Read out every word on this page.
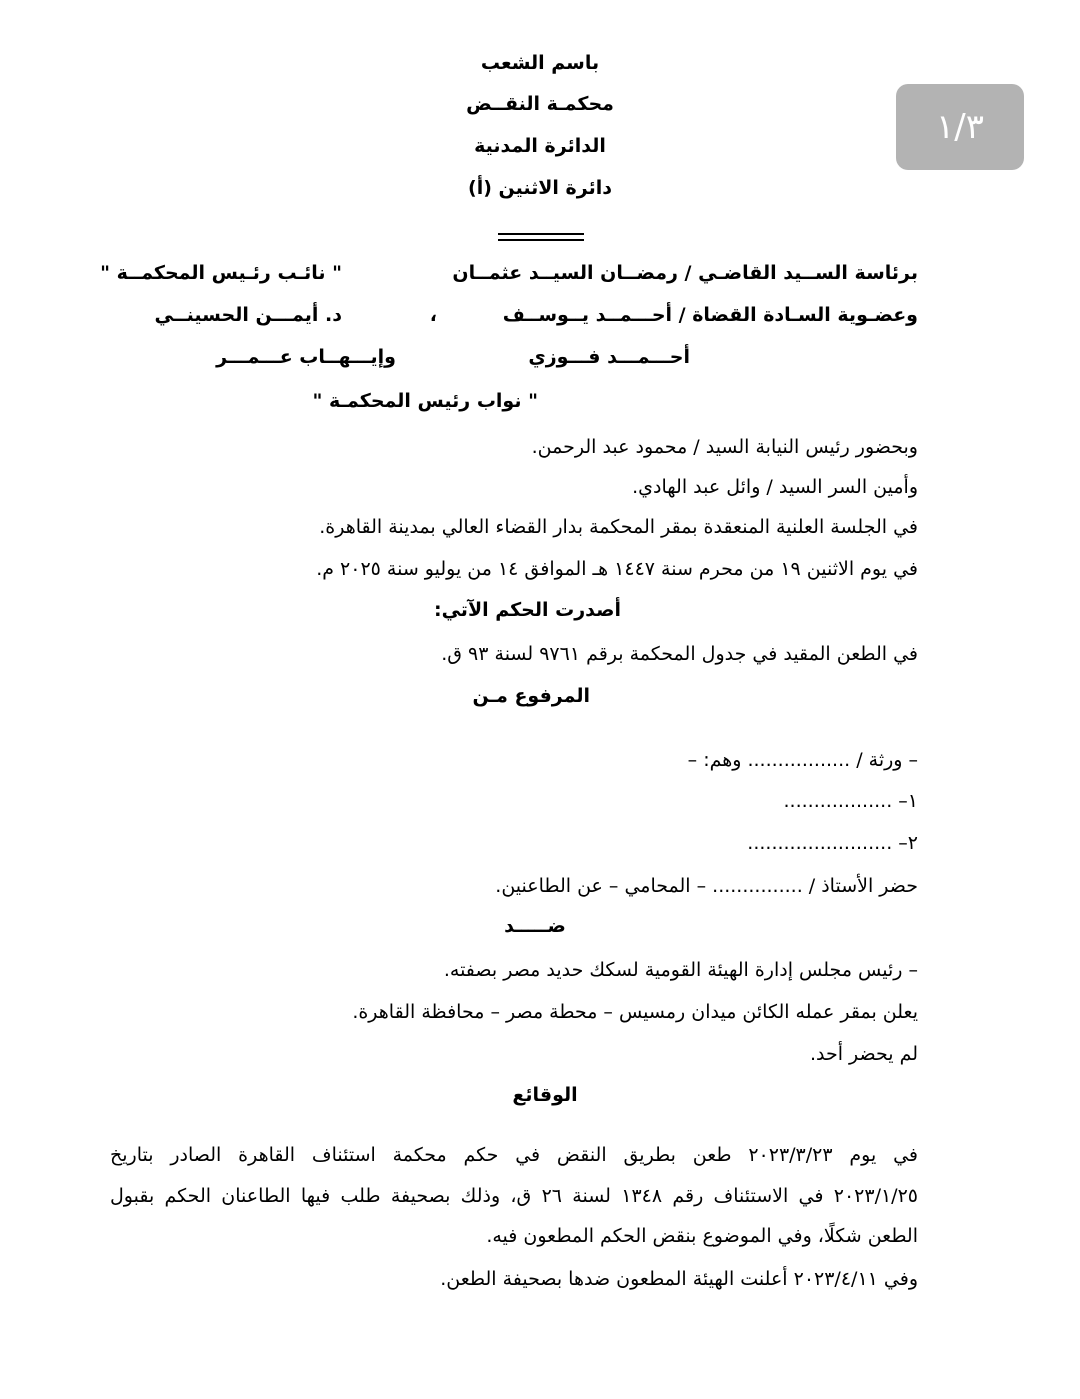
١/٣
باسم الشعب
محكمـة النقــض
الدائرة المدنية
دائرة الاثنين (أ)
برئاسة الســيد القاضـي / رمضــان السيــد عثمــان
" نائـب رئـيس المحكمــة "
وعضـوية السـادة القضاة / أحـــمــد يــوســف
،
د. أيمـــن الحسينــي
أحـــمـــد فـــوزي
وإيـــهــاب عـــمـــر
" نواب رئيس المحكمـة "
وبحضور رئيس النيابة السيد / محمود عبد الرحمن.
وأمين السر السيد / وائل عبد الهادي.
في الجلسة العلنية المنعقدة بمقر المحكمة بدار القضاء العالي بمدينة القاهرة.
في يوم الاثنين ١٩ من محرم سنة ١٤٤٧ هـ الموافق ١٤ من يوليو سنة ٢٠٢٥ م.
أصدرت الحكم الآتي:
في الطعن المقيد في جدول المحكمة برقم ٩٧٦١ لسنة ٩٣ ق.
المرفوع مـن
– ورثة / ................. وهم: –
١– ..................
٢– ........................
حضر الأستاذ / ............... – المحامي – عن الطاعنين.
ضـــــد
– رئيس مجلس إدارة الهيئة القومية لسكك حديد مصر بصفته.
يعلن بمقر عمله الكائن ميدان رمسيس – محطة مصر – محافظة القاهرة.
لم يحضر أحد.
الوقائع
في يوم ٢٠٢٣/٣/٢٣ طعن بطريق النقض في حكم محكمة استئناف القاهرة الصادر بتاريخ
٢٠٢٣/١/٢٥ في الاستئناف رقم ١٣٤٨ لسنة ٢٦ ق، وذلك بصحيفة طلب فيها الطاعنان الحكم بقبول
الطعن شكلًا، وفي الموضوع بنقض الحكم المطعون فيه.
وفي ٢٠٢٣/٤/١١ أعلنت الهيئة المطعون ضدها بصحيفة الطعن.
